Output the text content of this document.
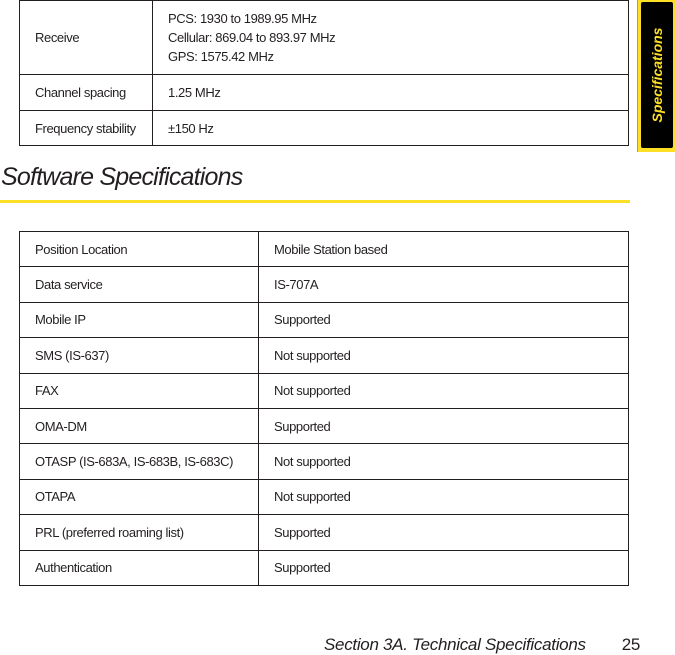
Receive	PCS: 1930 to 1989.95 MHz
Cellular: 869.04 to 893.97 MHz
GPS: 1575.42 MHz

Channel spacing	1.25 MHz
Frequency stability	±150 Hz
Specifications
Software Specifications
Position Location	Mobile Station based
Data service	IS-707A
Mobile IP	Supported
SMS (IS-637)	Not supported
FAX	Not supported
OMA-DM	Supported
OTASP (IS-683A, IS-683B, IS-683C)	Not supported
OTAPA	Not supported
PRL (preferred roaming list)	Supported
Authentication	Supported
Section 3A. Technical Specifications 25
